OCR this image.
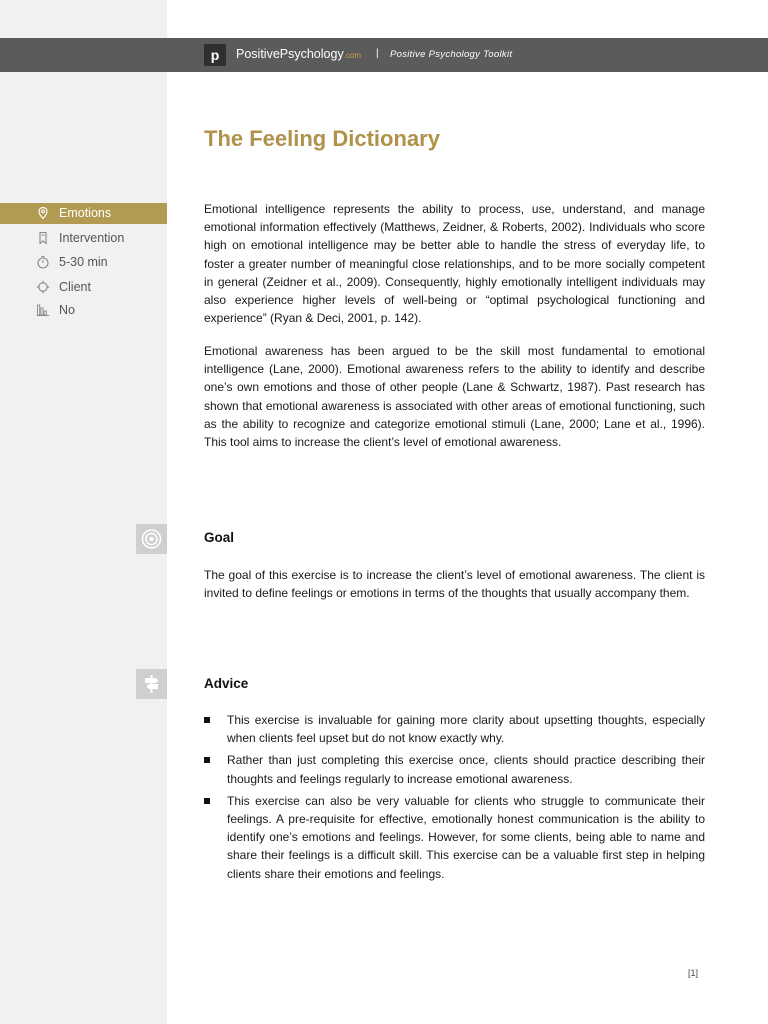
p	PositivePsychology.com | Positive Psychology Toolkit
The Feeling Dictionary
Emotions
Intervention
5-30 min
Client
No

Emotional intelligence represents the ability to process, use, understand, and manage emotional information effectively (Matthews, Zeidner, & Roberts, 2002). Individuals who score high on emotional intelligence may be better able to handle the stress of everyday life, to foster a greater number of meaningful close relationships, and to be more socially competent in general (Zeidner et al., 2009). Consequently, highly emotionally intelligent individuals may also experience higher levels of well-being or “optimal psychological functioning and experience” (Ryan & Deci, 2001, p. 142).

Emotional awareness has been argued to be the skill most fundamental to emotional intelligence (Lane, 2000). Emotional awareness refers to the ability to identify and describe one’s own emotions and those of other people (Lane & Schwartz, 1987). Past research has shown that emotional awareness is associated with other areas of emotional functioning, such as the ability to recognize and categorize emotional stimuli (Lane, 2000; Lane et al., 1996). This tool aims to increase the client’s level of emotional awareness.

Goal

The goal of this exercise is to increase the client’s level of emotional awareness. The client is invited to define feelings or emotions in terms of the thoughts that usually accompany them.

Advice
This exercise is invaluable for gaining more clarity about upsetting thoughts, especially when clients feel upset but do not know exactly why.
Rather than just completing this exercise once, clients should practice describing their thoughts and feelings regularly to increase emotional awareness.
This exercise can also be very valuable for clients who struggle to communicate their feelings. A pre-requisite for effective, emotionally honest communication is the ability to identify one’s emotions and feelings. However, for some clients, being able to name and share their feelings is a difficult skill. This exercise can be a valuable first step in helping clients share their emotions and feelings.
[1]
